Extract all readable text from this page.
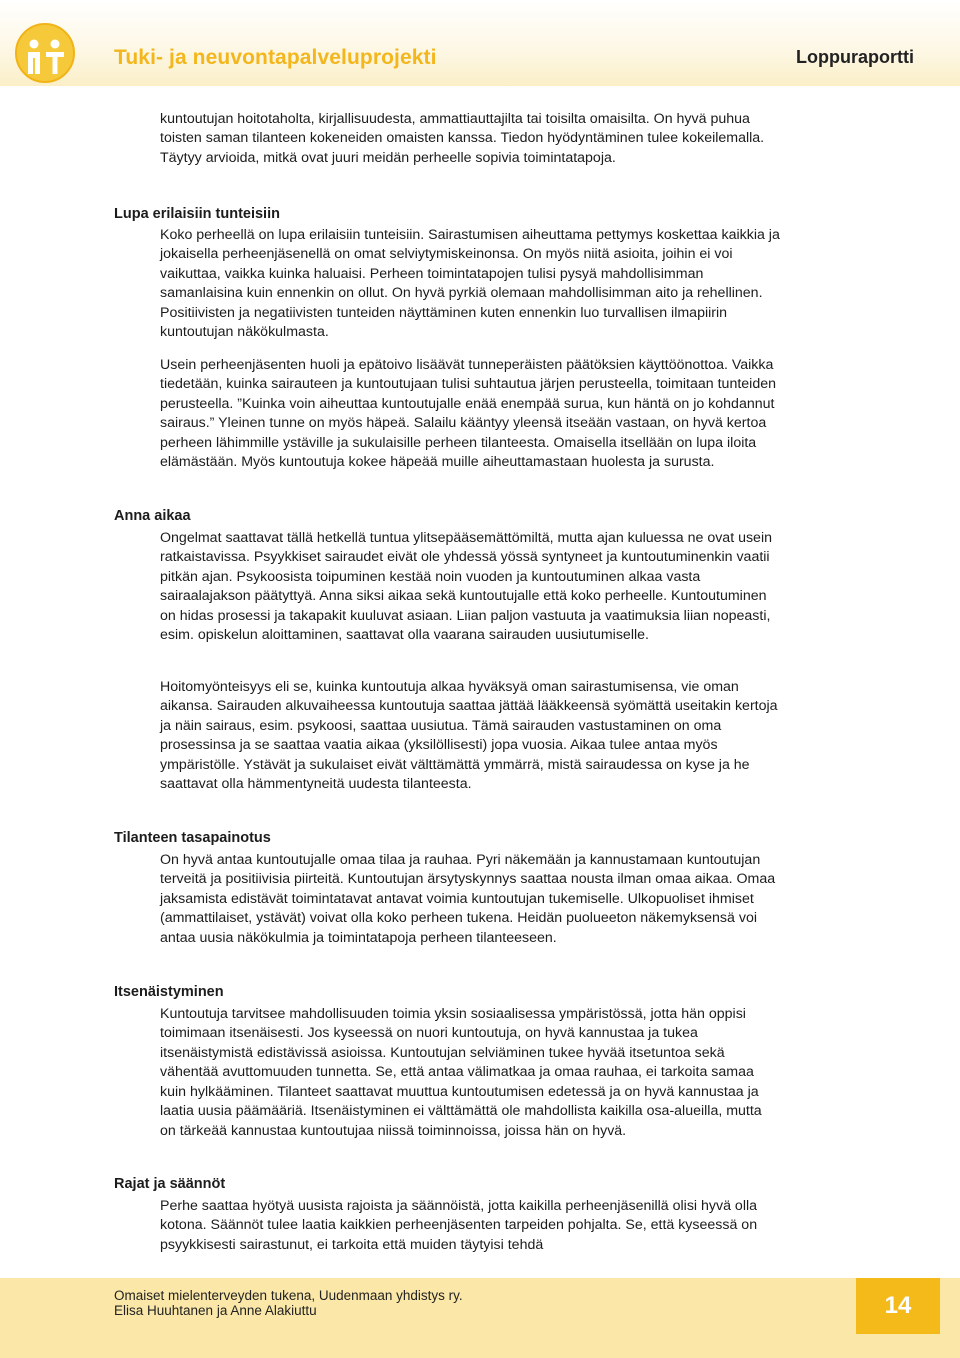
Tuki- ja neuvontapalveluprojekti	Loppuraportti

kuntoutujan hoitotaholta, kirjallisuudesta, ammattiauttajilta tai toisilta omaisilta. On hyvä puhua toisten saman tilanteen kokeneiden omaisten kanssa. Tiedon hyödyntäminen tulee kokeilemalla. Täytyy arvioida, mitkä ovat juuri meidän perheelle sopivia toimintatapoja.

Lupa erilaisiin tunteisiin

Koko perheellä on lupa erilaisiin tunteisiin. Sairastumisen aiheuttama pettymys koskettaa kaikkia ja jokaisella perheenjäsenellä on omat selviytymiskeinonsa. On myös niitä asioita, joihin ei voi vaikuttaa, vaikka kuinka haluaisi. Perheen toimintatapojen tulisi pysyä mahdollisimman samanlaisina kuin ennenkin on ollut. On hyvä pyrkiä olemaan mahdollisimman aito ja rehellinen. Positiivisten ja negatiivisten tunteiden näyttäminen kuten ennenkin luo turvallisen ilmapiirin kuntoutujan näkökulmasta.

Usein perheenjäsenten huoli ja epätoivo lisäävät tunneperäisten päätöksien käyttöönottoa. Vaikka tiedetään, kuinka sairauteen ja kuntoutujaan tulisi suhtautua järjen perusteella, toimitaan tunteiden perusteella. ”Kuinka voin aiheuttaa kuntoutujalle enää enempää surua, kun häntä on jo kohdannut sairaus.” Yleinen tunne on myös häpeä. Salailu kääntyy yleensä itseään vastaan, on hyvä kertoa perheen lähimmille ystäville ja sukulaisille perheen tilanteesta. Omaisella itsellään on lupa iloita elämästään. Myös kuntoutuja kokee häpeää muille aiheuttamastaan huolesta ja surusta.

Anna aikaa

Ongelmat saattavat tällä hetkellä tuntua ylitsepääsemättömiltä, mutta ajan kuluessa ne ovat usein ratkaistavissa. Psyykkiset sairaudet eivät ole yhdessä yössä syntyneet ja kuntoutuminenkin vaatii pitkän ajan. Psykoosista toipuminen kestää noin vuoden ja kuntoutuminen alkaa vasta sairaalajakson päätyttyä. Anna siksi aikaa sekä kuntoutujalle että koko perheelle. Kuntoutuminen on hidas prosessi ja takapakit kuuluvat asiaan. Liian paljon vastuuta ja vaatimuksia liian nopeasti, esim. opiskelun aloittaminen, saattavat olla vaarana sairauden uusiutumiselle.

Hoitomyönteisyys eli se, kuinka kuntoutuja alkaa hyväksyä oman sairastumisensa, vie oman aikansa. Sairauden alkuvaiheessa kuntoutuja saattaa jättää lääkkeensä syömättä useitakin kertoja ja näin sairaus, esim. psykoosi, saattaa uusiutua. Tämä sairauden vastustaminen on oma prosessinsa ja se saattaa vaatia aikaa (yksilöllisesti) jopa vuosia. Aikaa tulee antaa myös ympäristölle. Ystävät ja sukulaiset eivät välttämättä ymmärrä, mistä sairaudessa on kyse ja he saattavat olla hämmentyneitä uudesta tilanteesta.

Tilanteen tasapainotus

On hyvä antaa kuntoutujalle omaa tilaa ja rauhaa. Pyri näkemään ja kannustamaan kuntoutujan terveitä ja positiivisia piirteitä. Kuntoutujan ärsytyskynnys saattaa nousta ilman omaa aikaa. Omaa jaksamista edistävät toimintatavat antavat voimia kuntoutujan tukemiselle. Ulkopuoliset ihmiset (ammattilaiset, ystävät) voivat olla koko perheen tukena. Heidän puolueeton näkemyksensä voi antaa uusia näkökulmia ja toimintatapoja perheen tilanteeseen.

Itsenäistyminen

Kuntoutuja tarvitsee mahdollisuuden toimia yksin sosiaalisessa ympäristössä, jotta hän oppisi toimimaan itsenäisesti. Jos kyseessä on nuori kuntoutuja, on hyvä kannustaa ja tukea itsenäistymistä edistävissä asioissa. Kuntoutujan selviäminen tukee hyvää itsetuntoa sekä vähentää avuttomuuden tunnetta. Se, että antaa välimatkaa ja omaa rauhaa, ei tarkoita samaa kuin hylkääminen. Tilanteet saattavat muuttua kuntoutumisen edetessä ja on hyvä kannustaa ja laatia uusia päämääriä. Itsenäistyminen ei välttämättä ole mahdollista kaikilla osa-alueilla, mutta on tärkeää kannustaa kuntoutujaa niissä toiminnoissa, joissa hän on hyvä.

Rajat ja säännöt

Perhe saattaa hyötyä uusista rajoista ja säännöistä, jotta kaikilla perheenjäsenillä olisi hyvä olla kotona. Säännöt tulee laatia kaikkien perheenjäsenten tarpeiden pohjalta. Se, että kyseessä on psyykkisesti sairastunut, ei tarkoita että muiden täytyisi tehdä

Omaiset mielenterveyden tukena, Uudenmaan yhdistys ry.
Elisa Huuhtanen ja Anne Alakiuttu	14
